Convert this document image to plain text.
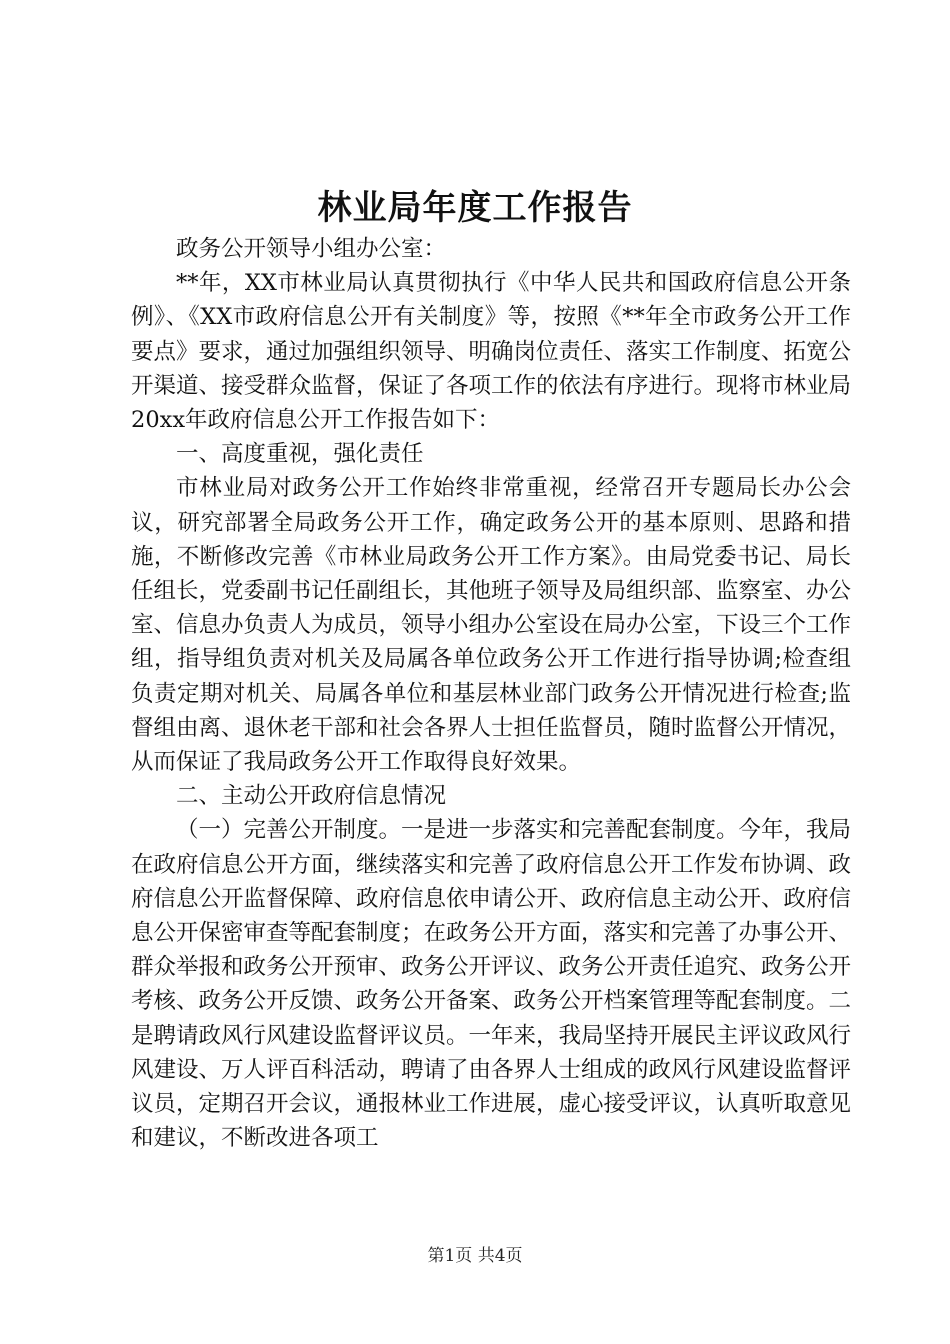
林业局年度工作报告

政务公开领导小组办公室：

**年，XX市林业局认真贯彻执行《中华人民共和国政府信息公开条例》、《XX市政府信息公开有关制度》等，按照《**年全市政务公开工作要点》要求，通过加强组织领导、明确岗位责任、落实工作制度、拓宽公开渠道、接受群众监督，保证了各项工作的依法有序进行。现将市林业局20xx年政府信息公开工作报告如下：

一、高度重视，强化责任

市林业局对政务公开工作始终非常重视，经常召开专题局长办公会议，研究部署全局政务公开工作，确定政务公开的基本原则、思路和措施，不断修改完善《市林业局政务公开工作方案》。由局党委书记、局长任组长，党委副书记任副组长，其他班子领导及局组织部、监察室、办公室、信息办负责人为成员，领导小组办公室设在局办公室，下设三个工作组，指导组负责对机关及局属各单位政务公开工作进行指导协调;检查组负责定期对机关、局属各单位和基层林业部门政务公开情况进行检查;监督组由离、退休老干部和社会各界人士担任监督员，随时监督公开情况，从而保证了我局政务公开工作取得良好效果。

二、主动公开政府信息情况

（一）完善公开制度。一是进一步落实和完善配套制度。今年，我局在政府信息公开方面，继续落实和完善了政府信息公开工作发布协调、政府信息公开监督保障、政府信息依申请公开、政府信息主动公开、政府信息公开保密审查等配套制度；在政务公开方面，落实和完善了办事公开、群众举报和政务公开预审、政务公开评议、政务公开责任追究、政务公开考核、政务公开反馈、政务公开备案、政务公开档案管理等配套制度。二是聘请政风行风建设监督评议员。一年来，我局坚持开展民主评议政风行风建设、万人评百科活动，聘请了由各界人士组成的政风行风建设监督评议员，定期召开会议，通报林业工作进展，虚心接受评议，认真听取意见和建议，不断改进各项工

第1页 共4页
